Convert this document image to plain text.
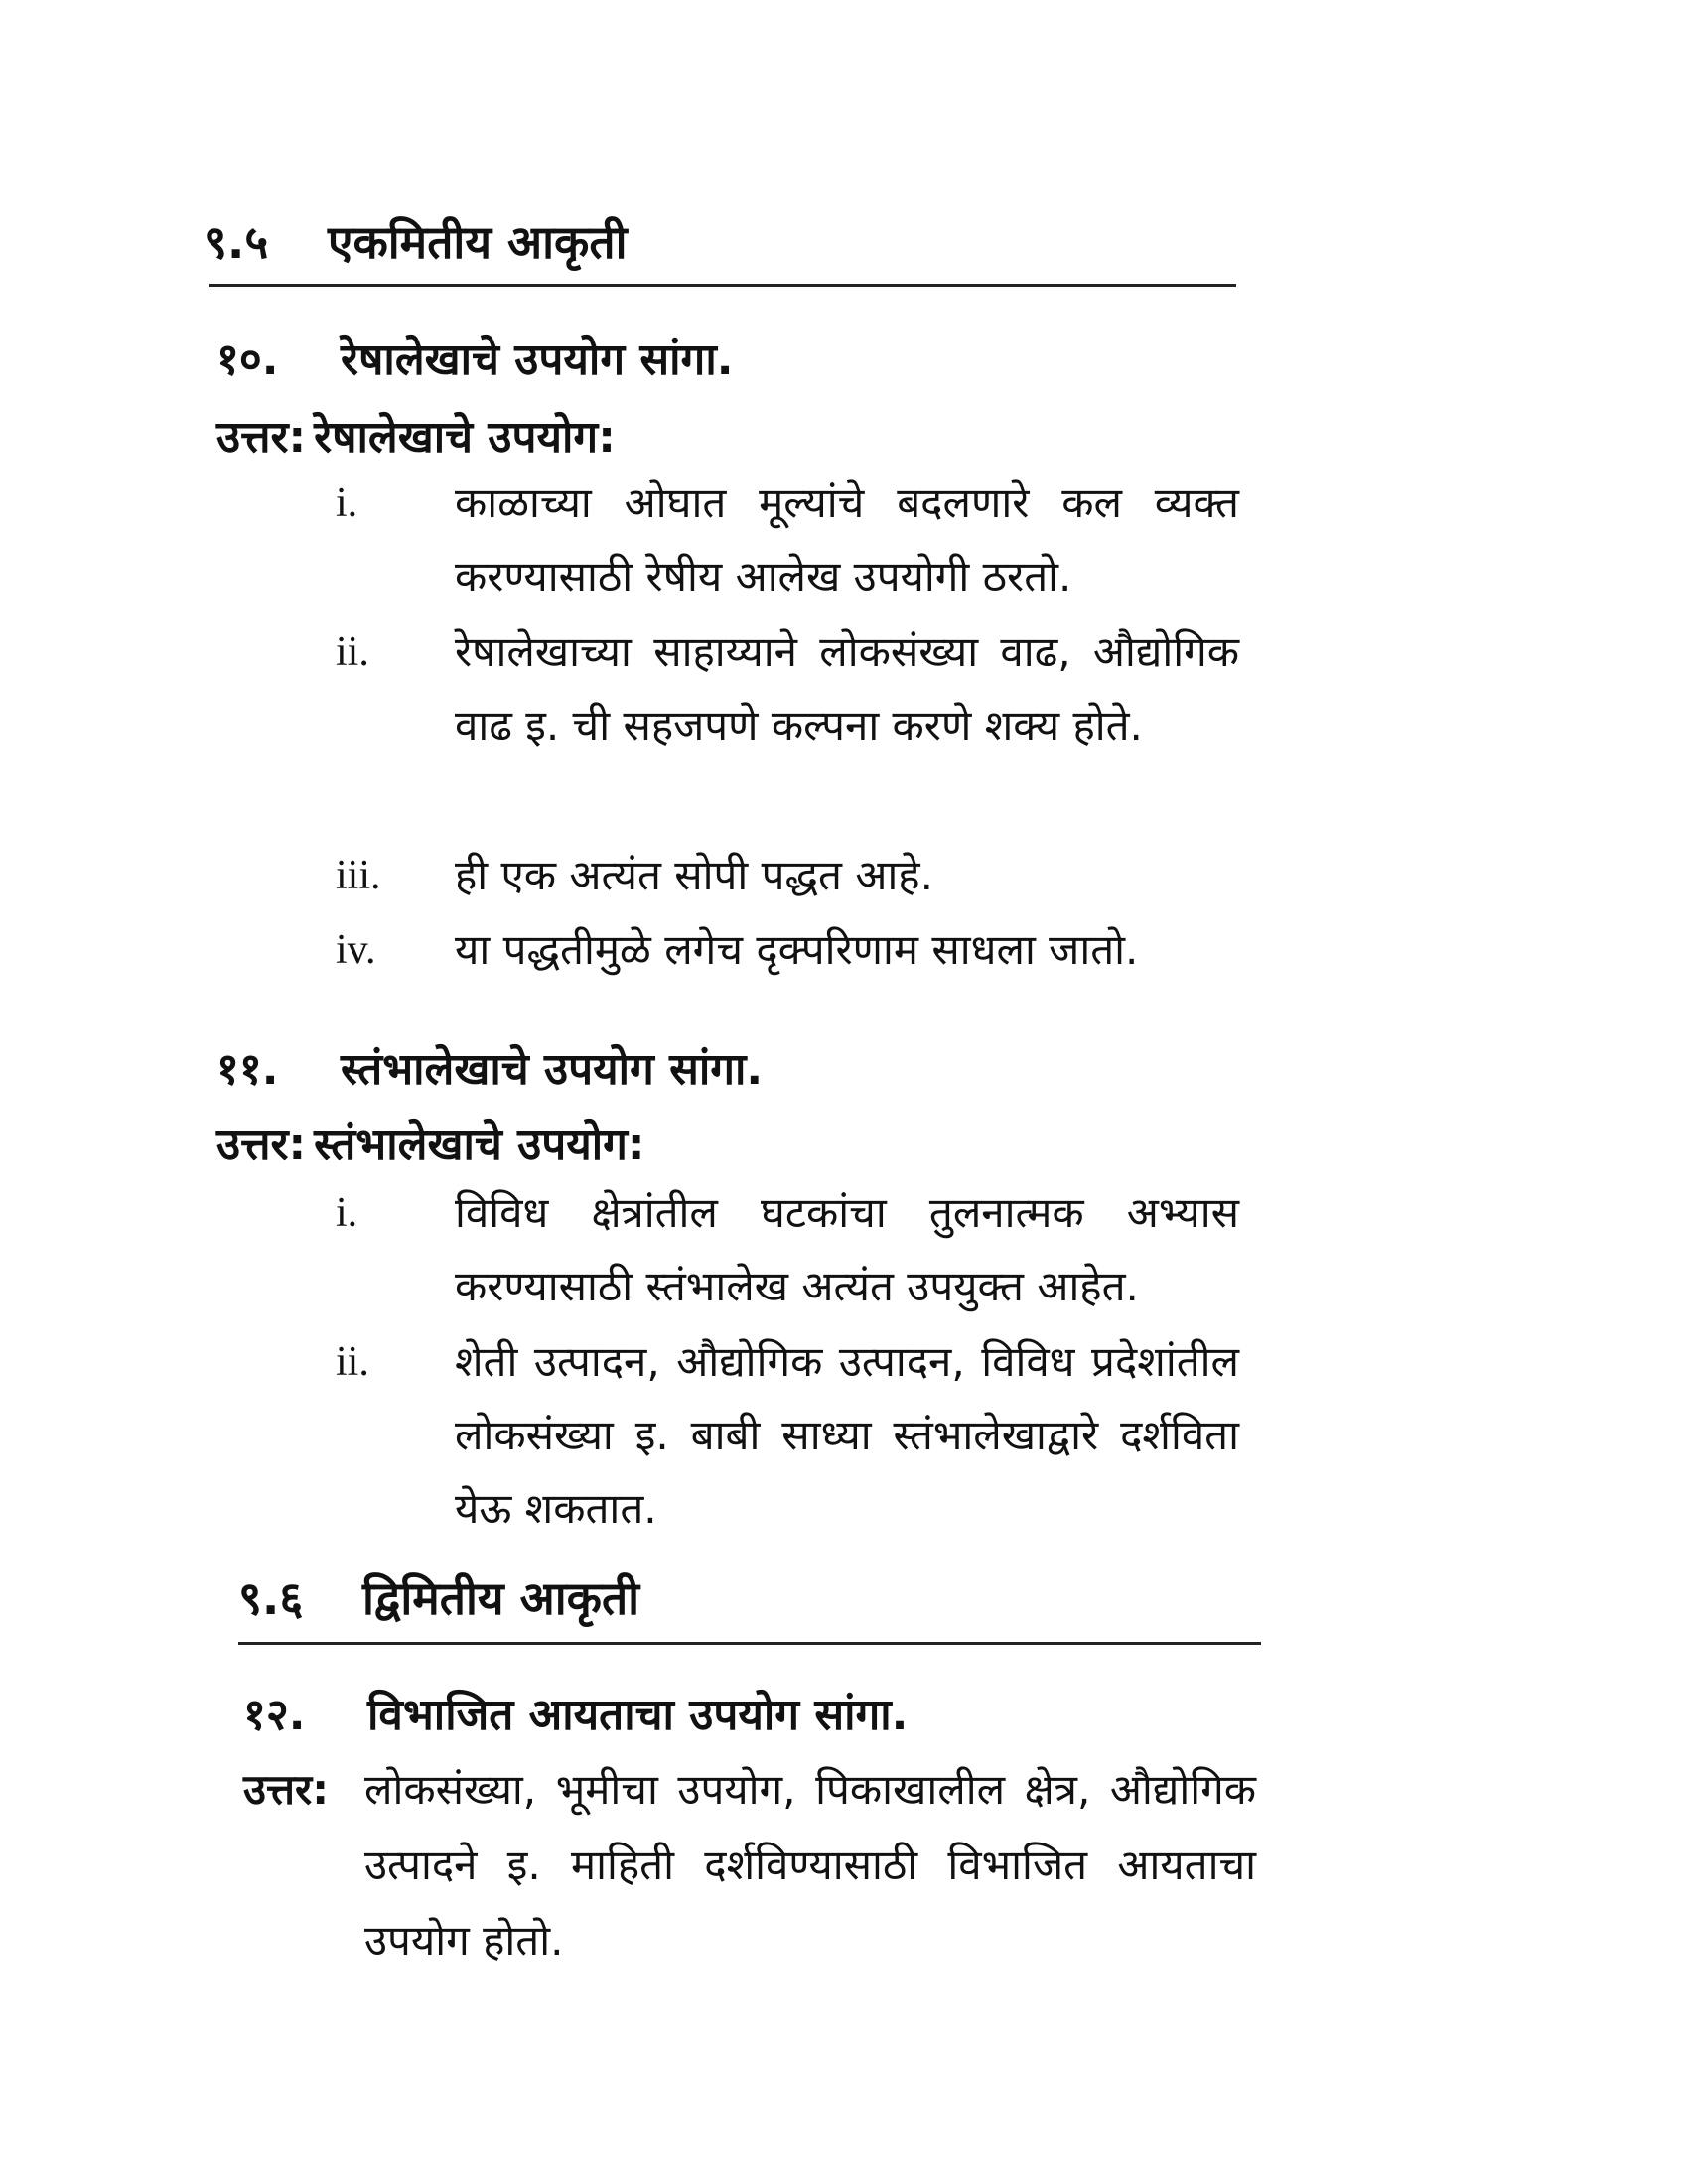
९.५	एकमितीय आकृती
१०.	रेषालेखाचे उपयोग सांगा.
उत्तर: रेषालेखाचे उपयोग:
i. काळाच्या ओघात मूल्यांचे बदलणारे कल व्यक्त करण्यासाठी रेषीय आलेख उपयोगी ठरतो.
ii. रेषालेखाच्या साहाय्याने लोकसंख्या वाढ, औद्योगिक वाढ इ. ची सहजपणे कल्पना करणे शक्य होते.
iii. ही एक अत्यंत सोपी पद्धत आहे.
iv. या पद्धतीमुळे लगेच दृक्परिणाम साधला जातो.
११.	स्तंभालेखाचे उपयोग सांगा.
उत्तर: स्तंभालेखाचे उपयोग:
i. विविध क्षेत्रांतील घटकांचा तुलनात्मक अभ्यास करण्यासाठी स्तंभालेख अत्यंत उपयुक्त आहेत.
ii. शेती उत्पादन, औद्योगिक उत्पादन, विविध प्रदेशांतील लोकसंख्या इ. बाबी साध्या स्तंभालेखाद्वारे दर्शविता येऊ शकतात.
९.६	द्विमितीय आकृती
१२.	विभाजित आयताचा उपयोग सांगा.
उत्तर: लोकसंख्या, भूमीचा उपयोग, पिकाखालील क्षेत्र, औद्योगिक उत्पादने इ. माहिती दर्शविण्यासाठी विभाजित आयताचा उपयोग होतो.
